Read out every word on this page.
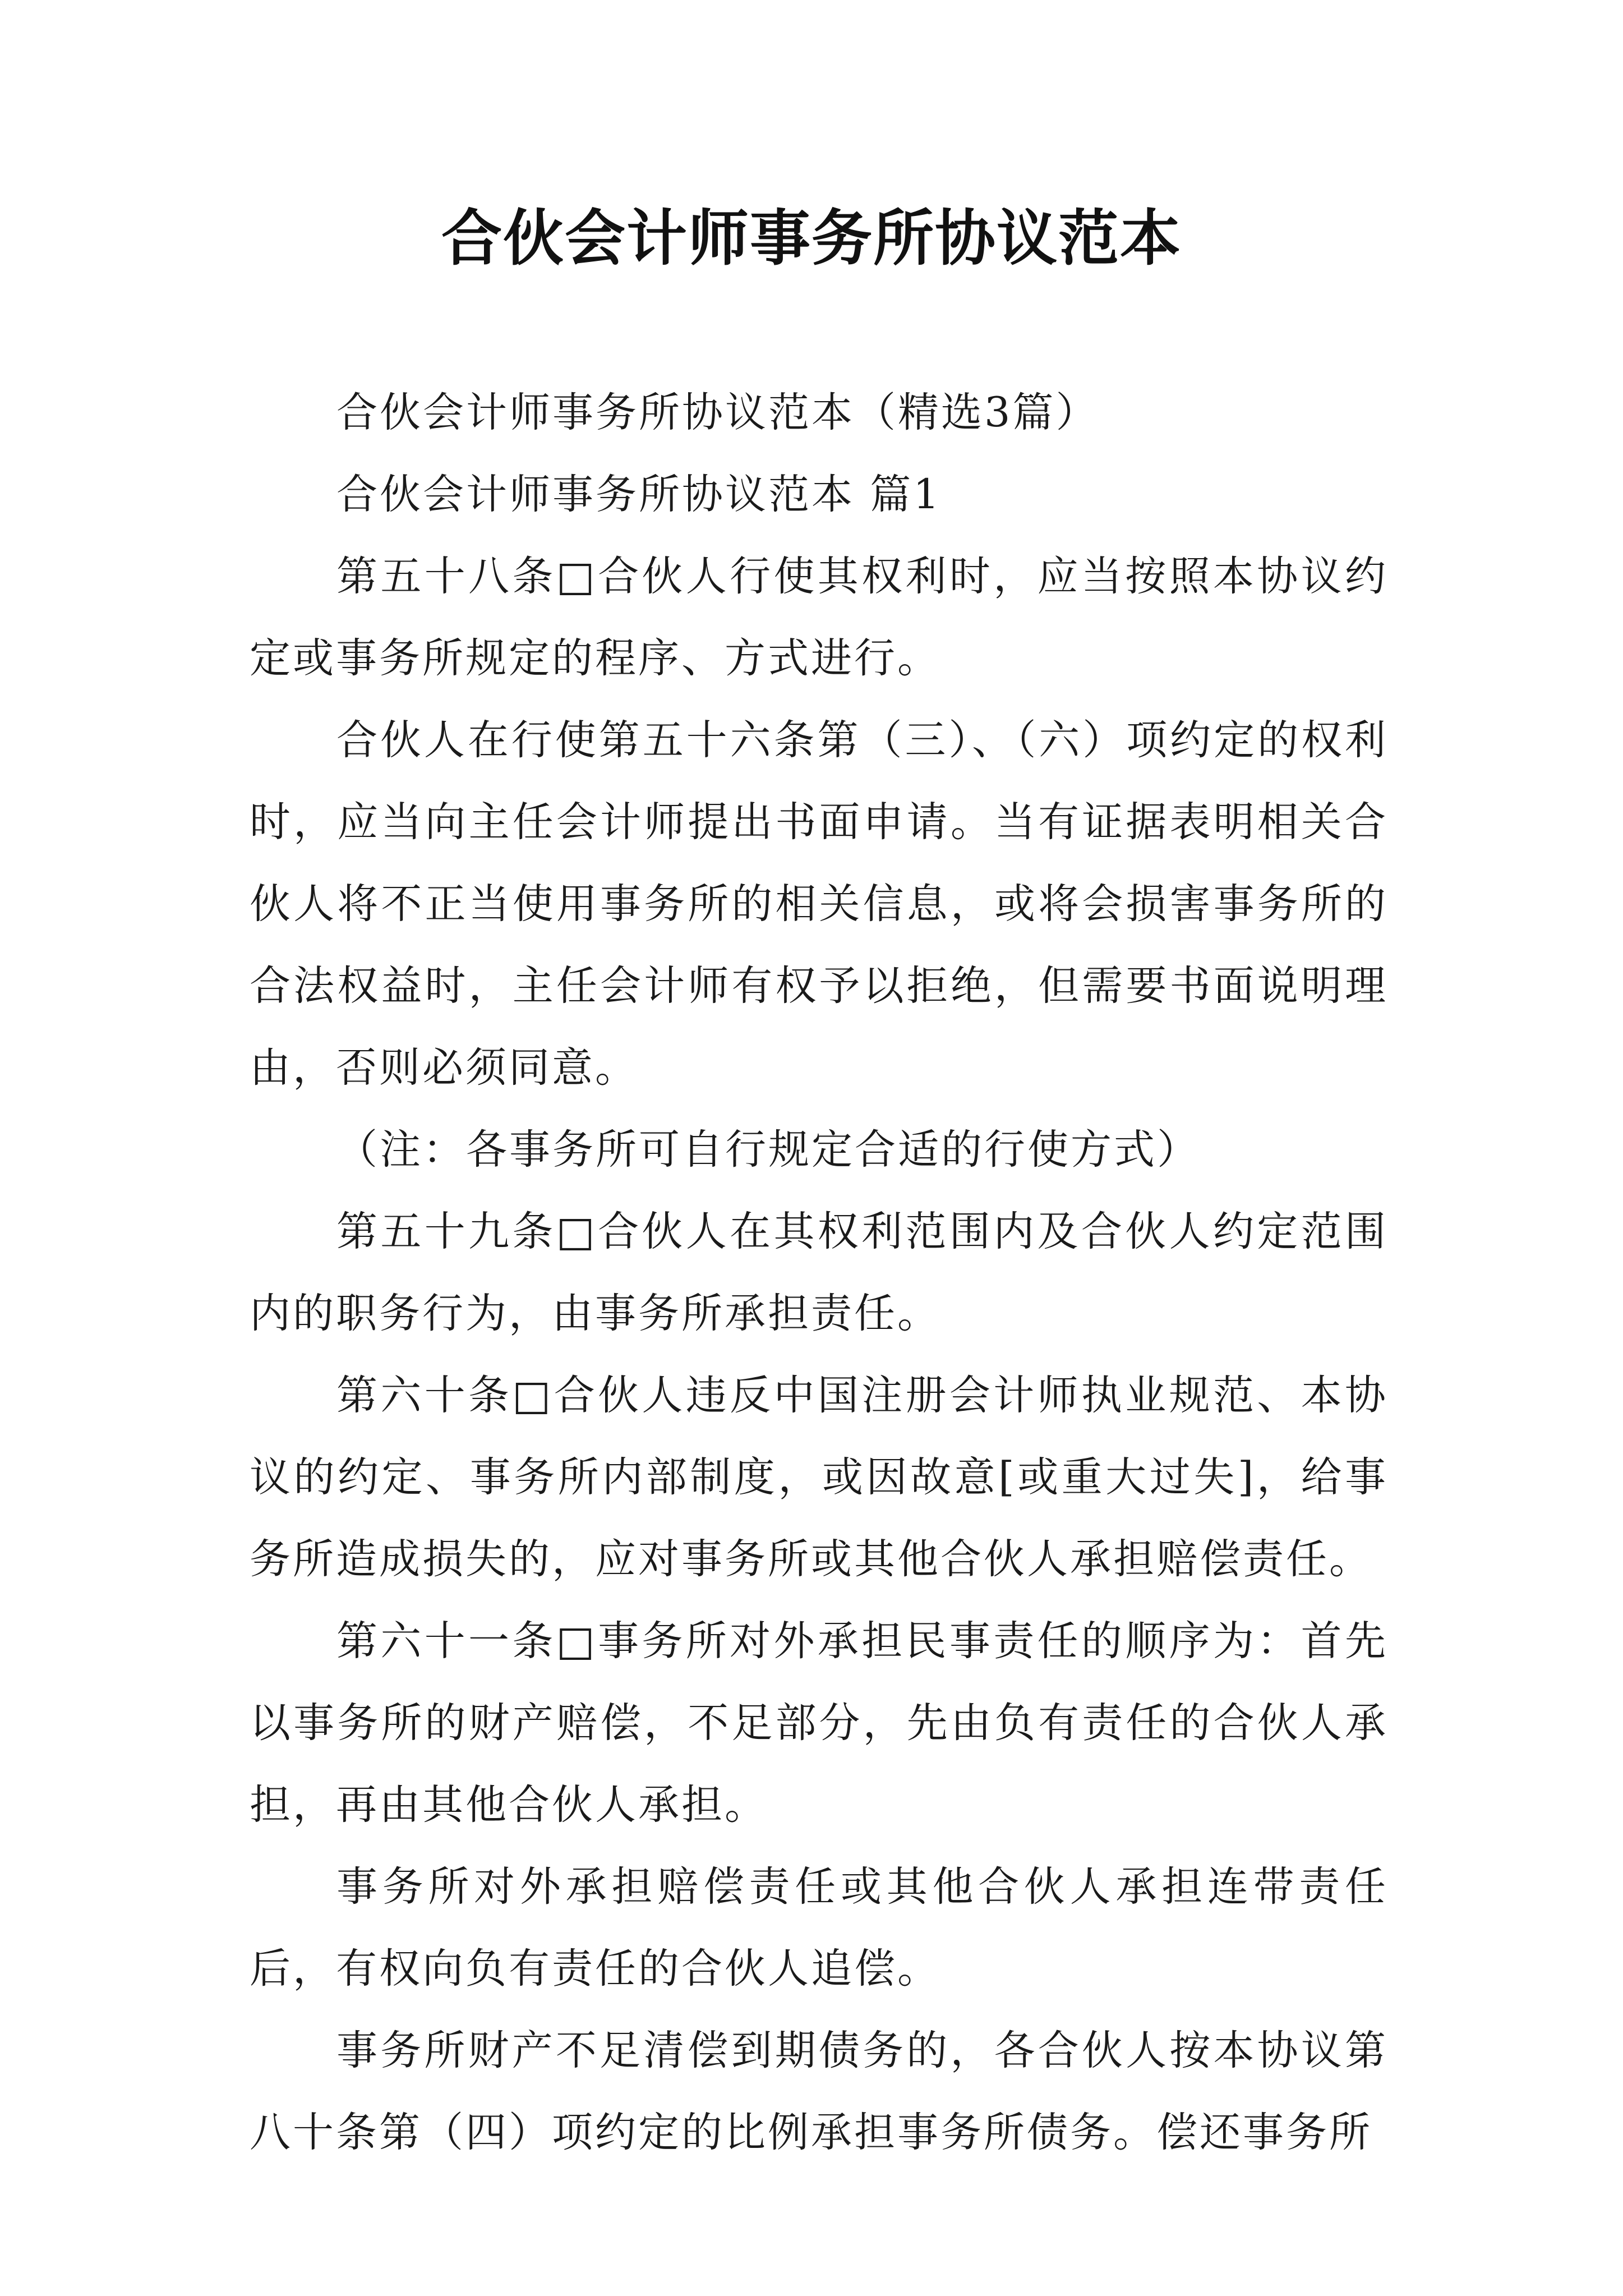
合伙会计师事务所协议范本

合伙会计师事务所协议范本（精选3篇）

合伙会计师事务所协议范本 篇1

第五十八条□合伙人行使其权利时，应当按照本协议约定或事务所规定的程序、方式进行。

合伙人在行使第五十六条第（三）、（六）项约定的权利时，应当向主任会计师提出书面申请。当有证据表明相关合伙人将不正当使用事务所的相关信息，或将会损害事务所的合法权益时，主任会计师有权予以拒绝，但需要书面说明理由，否则必须同意。

（注：各事务所可自行规定合适的行使方式）

第五十九条□合伙人在其权利范围内及合伙人约定范围内的职务行为，由事务所承担责任。

第六十条□合伙人违反中国注册会计师执业规范、本协议的约定、事务所内部制度，或因故意[或重大过失]，给事务所造成损失的，应对事务所或其他合伙人承担赔偿责任。

第六十一条□事务所对外承担民事责任的顺序为：首先以事务所的财产赔偿，不足部分，先由负有责任的合伙人承担，再由其他合伙人承担。

事务所对外承担赔偿责任或其他合伙人承担连带责任后，有权向负有责任的合伙人追偿。

事务所财产不足清偿到期债务的，各合伙人按本协议第八十条第（四）项约定的比例承担事务所债务。偿还事务所
